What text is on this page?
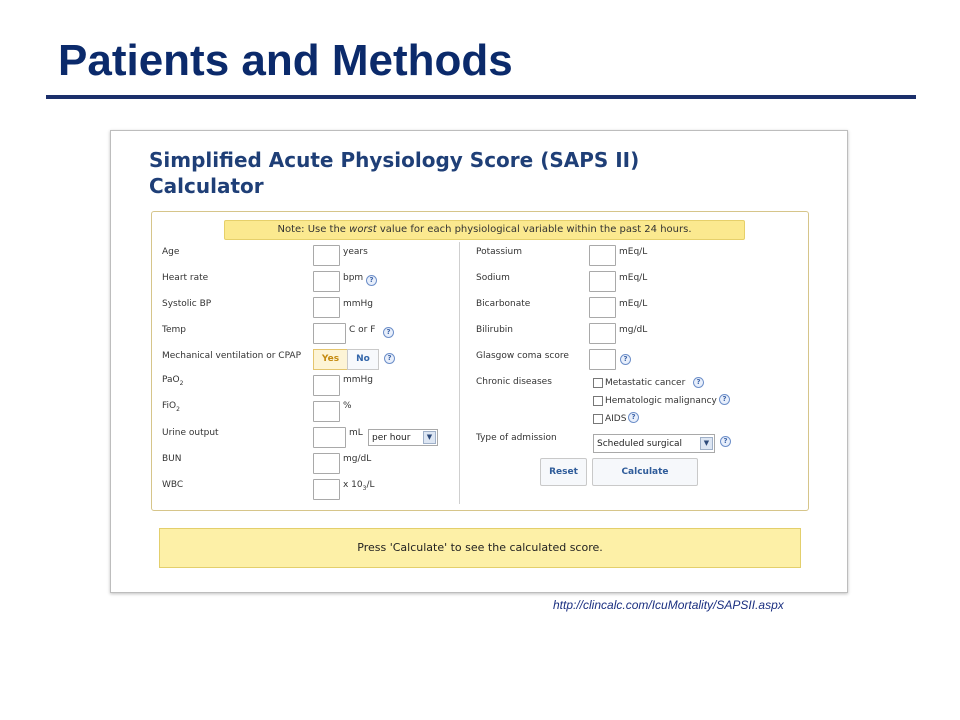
Patients and Methods
Simplified Acute Physiology Score (SAPS II)
Calculator
Note: Use the worst value for each physiological variable within the past 24 hours.
Age	years
Heart rate	bpm ?
Systolic BP	mmHg
Temp	C or F	?
Mechanical ventilation or CPAP	Yes	No	?
PaO$_2$	mmHg
FiO$_2$	%
Urine output	mL	per hour	▼
BUN	mg/dL
WBC	x $10_3/L$
Potassium	mEq/L
Sodium	mEq/L
Bicarbonate	mEq/L
Bilirubin	mg/dL
Glasgow coma score	?
Chronic diseases	Metastatic cancer	?
Hematologic malignancy ?
AIDS ?
Type of admission
Scheduled surgical	▼	?
Reset	Calculate
Press 'Calculate' to see the calculated score.
http://clincalc.com/IcuMortality/SAPSII.aspx
